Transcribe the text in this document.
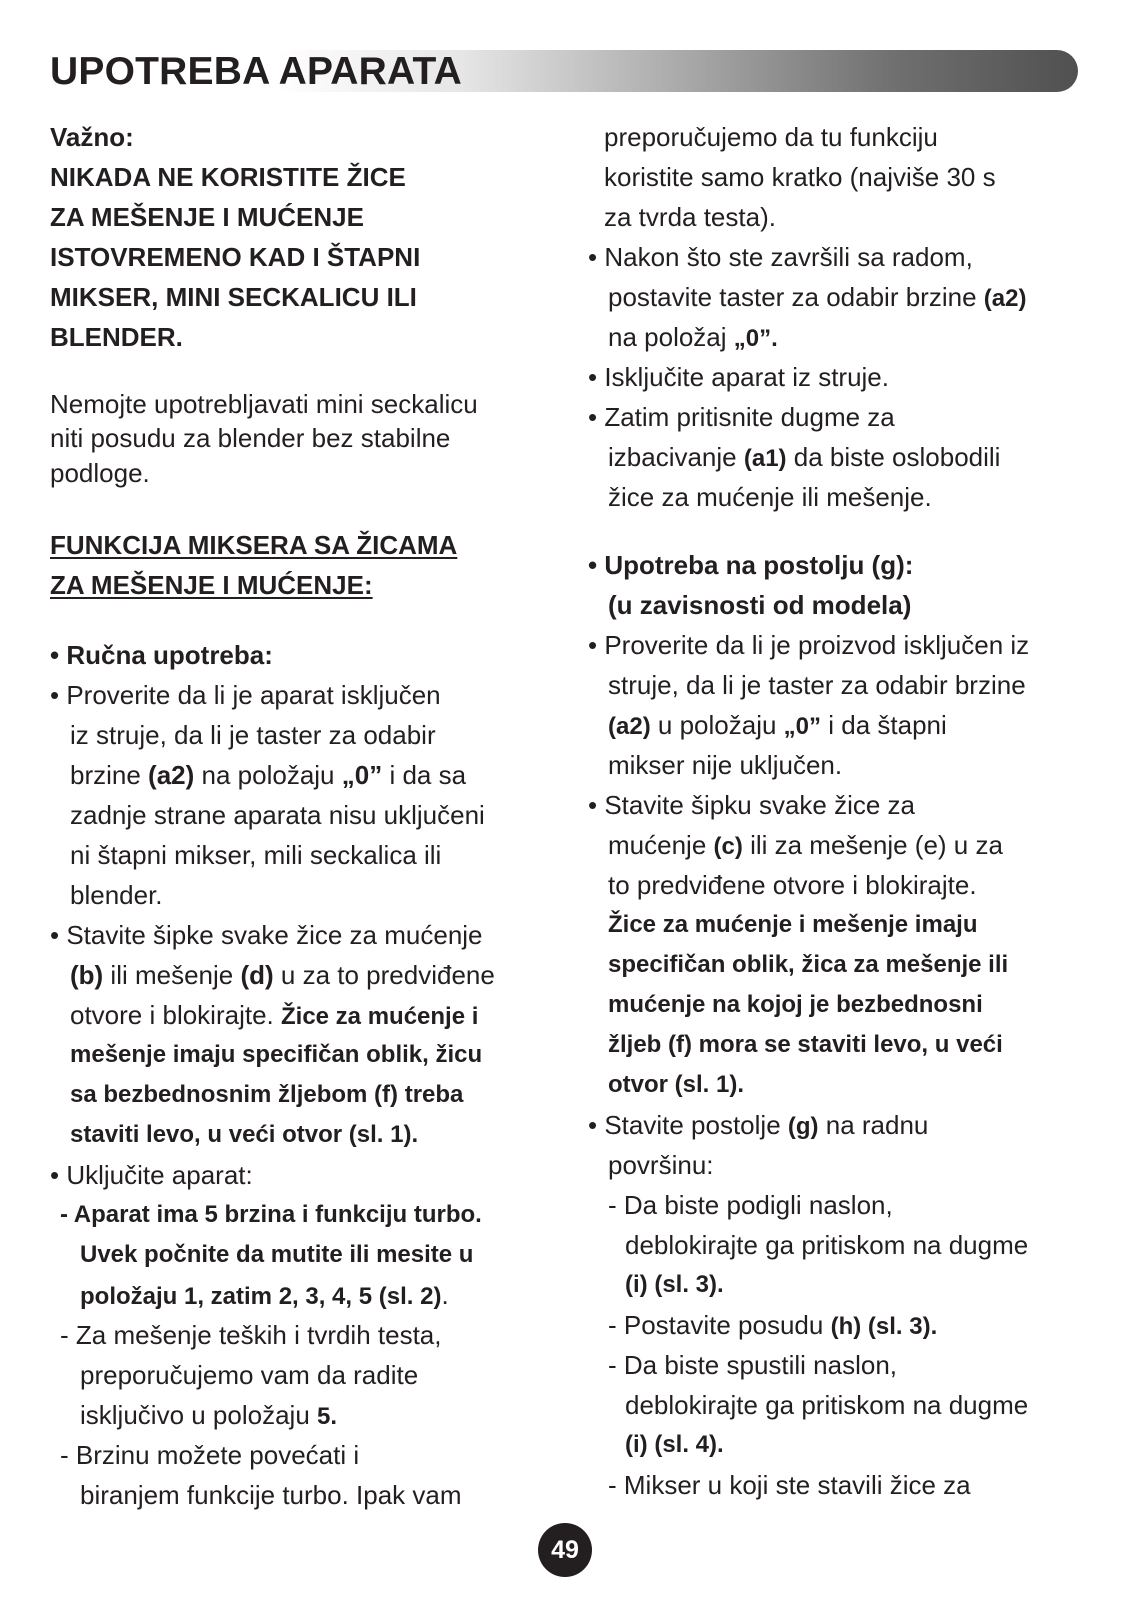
UPOTREBA APARATA
Važno:
NIKADA NE KORISTITE ŽICE
ZA MEŠENJE I MUĆENJE
ISTOVREMENO KAD I ŠTAPNI
MIKSER, MINI SECKALICU ILI
BLENDER.
Nemojte upotrebljavati mini seckalicu
niti posudu za blender bez stabilne
podloge.
FUNKCIJA MIKSERA SA ŽICAMA
ZA MEŠENJE I MUĆENJE:
• Ručna upotreba:
• Proverite da li je aparat isključen
iz struje, da li je taster za odabir
brzine (a2) na položaju „0” i da sa
zadnje strane aparata nisu uključeni
ni štapni mikser, mili seckalica ili
blender.
• Stavite šipke svake žice za mućenje
(b) ili mešenje (d) u za to predviđene
otvore i blokirajte. Žice za mućenje i
mešenje imaju specifičan oblik, žicu
sa bezbednosnim žljebom (f) treba
staviti levo, u veći otvor (sl. 1).
• Uključite aparat:
- Aparat ima 5 brzina i funkciju turbo.
Uvek počnite da mutite ili mesite u
položaju 1, zatim 2, 3, 4, 5 (sl. 2).
- Za mešenje teških i tvrdih testa,
preporučujemo vam da radite
isključivo u položaju 5.
- Brzinu možete povećati i
biranjem funkcije turbo. Ipak vam
preporučujemo da tu funkciju
koristite samo kratko (najviše 30 s
za tvrda testa).
• Nakon što ste završili sa radom,
postavite taster za odabir brzine (a2)
na položaj „0”.
• Isključite aparat iz struje.
• Zatim pritisnite dugme za
izbacivanje (a1) da biste oslobodili
žice za mućenje ili mešenje.
• Upotreba na postolju (g):
(u zavisnosti od modela)
• Proverite da li je proizvod isključen iz
struje, da li je taster za odabir brzine
(a2) u položaju „0” i da štapni
mikser nije uključen.
• Stavite šipku svake žice za
mućenje (c) ili za mešenje (e) u za
to predviđene otvore i blokirajte.
Žice za mućenje i mešenje imaju
specifičan oblik, žica za mešenje ili
mućenje na kojoj je bezbednosni
žljeb (f) mora se staviti levo, u veći
otvor (sl. 1).
• Stavite postolje (g) na radnu
površinu:
- Da biste podigli naslon,
deblokirajte ga pritiskom na dugme
(i) (sl. 3).
- Postavite posudu (h) (sl. 3).
- Da biste spustili naslon,
deblokirajte ga pritiskom na dugme
(i) (sl. 4).
- Mikser u koji ste stavili žice za
49
